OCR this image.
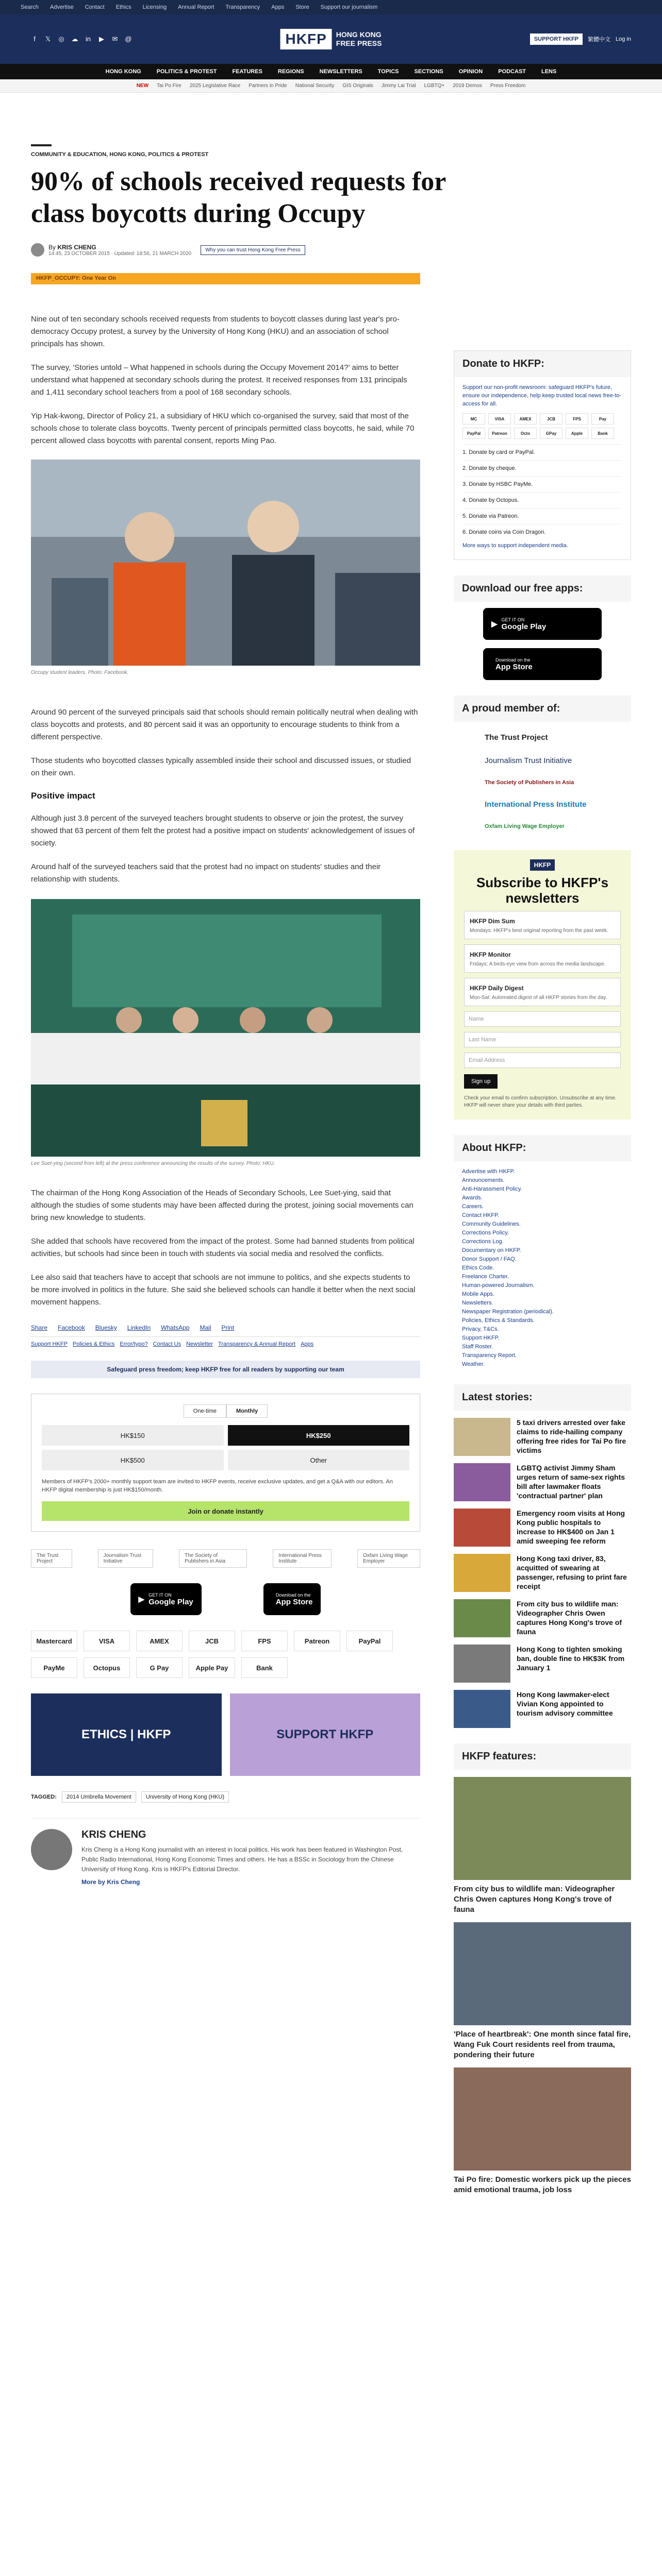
Search Advertise Contact Ethics Licensing Annual Report Transparency Apps Store Support our journalism
f	𝕏 ◎ ☁ in ▶ ✉ @	HKFP	HONG KONG
FREE PRESS	SUPPORT HKFP	繁體中文 Log in
HONG KONG	POLITICS & PROTEST	FEATURES	REGIONS	NEWSLETTERS	TOPICS	SECTIONS	OPINION	PODCAST	LENS
NEW Tai Po Fire 2025 Legislative Race Partners in Pride National Security GIS Originals Jimmy Lai Trial LGBTQ+ 2019 Demos Press Freedom
COMMUNITY & EDUCATION, HONG KONG, POLITICS & PROTEST
90% of schools received requests for class boycotts during Occupy
By KRIS CHENG
14:45, 23 OCTOBER 2015 · Updated: 18:56, 21 MARCH 2020
Why you can trust Hong Kong Free Press
HKFP_OCCUPY: One Year On

Nine out of ten secondary schools received requests from students to boycott classes during last year's pro-democracy Occupy protest, a survey by the University of Hong Kong (HKU) and an association of school principals has shown.

The survey, 'Stories untold – What happened in schools during the Occupy Movement 2014?' aims to better understand what happened at secondary schools during the protest. It received responses from 131 principals and 1,411 secondary school teachers from a pool of 168 secondary schools.

Yip Hak-kwong, Director of Policy 21, a subsidiary of HKU which co-organised the survey, said that most of the schools chose to tolerate class boycotts. Twenty percent of principals permitted class boycotts, he said, while 70 percent allowed class boycotts with parental consent, reports Ming Pao.

Occupy student leaders. Photo: Facebook.

Around 90 percent of the surveyed principals said that schools should remain politically neutral when dealing with class boycotts and protests, and 80 percent said it was an opportunity to encourage students to think from a different perspective.

Those students who boycotted classes typically assembled inside their school and discussed issues, or studied on their own.

Positive impact

Although just 3.8 percent of the surveyed teachers brought students to observe or join the protest, the survey showed that 63 percent of them felt the protest had a positive impact on students' acknowledgement of issues of society.

Around half of the surveyed teachers said that the protest had no impact on students' studies and their relationship with students.

Lee Suet-ying (second from left) at the press conference announcing the results of the survey. Photo: HKU.

The chairman of the Hong Kong Association of the Heads of Secondary Schools, Lee Suet-ying, said that although the studies of some students may have been affected during the protest, joining social movements can bring new knowledge to students.

She added that schools have recovered from the impact of the protest. Some had banned students from political activities, but schools had since been in touch with students via social media and resolved the conflicts.

Lee also said that teachers have to accept that schools are not immune to politics, and she expects students to be more involved in politics in the future. She said she believed schools can handle it better when the next social movement happens.

Share Facebook Bluesky LinkedIn WhatsApp Mail Print
Support HKFP Policies & Ethics Error/typo? Contact Us Newsletter Transparency & Annual Report Apps
Safeguard press freedom; keep HKFP free for all readers by supporting our team
One-time	Monthly
HK$150	HK$250
HK$500	Other
Members of HKFP's 2000+ monthly support team are invited to HKFP events, receive exclusive updates, and get a Q&A with our editors. An HKFP digital membership is just HK$150/month.
Join or donate instantly
The Trust Project
Journalism Trust Initiative
The Society of Publishers in Asia
International Press Institute
Oxfam Living Wage Employer
▶
GET IT ON
Google Play
Download on the
App Store
Mastercard	VISA	AMEX	JCB	FPS	Patreon	PayPal
PayMe	Octopus	G Pay	Apple Pay	Bank
ETHICS | HKFP	SUPPORT HKFP
TAGGED:	2014 Umbrella Movement	University of Hong Kong (HKU)
KRIS CHENG
Kris Cheng is a Hong Kong journalist with an interest in local politics. His work has been featured in Washington Post, Public Radio International, Hong Kong Economic Times and others. He has a BSSc in Sociology from the Chinese University of Hong Kong. Kris is HKFP's Editorial Director.
More by Kris Cheng
Donate to HKFP:
Support our non-profit newsroom: safeguard HKFP's future, ensure our independence, help keep trusted local news free-to-access for all.
MC	VISA	AMEX	JCB	FPS	Pay
PayPal	Patreon	Octo	GPay	Apple	Bank
1. Donate by card or PayPal.
2. Donate by cheque.
3. Donate by HSBC PayMe.
4. Donate by Octopus.
5. Donate via Patreon.
6. Donate coins via Coin Dragon.
More ways to support independent media.
Download our free apps:
▶
GET IT ON
Google Play
Download on the
App Store
A proud member of:
The Trust Project
Journalism Trust Initiative
The Society of Publishers in Asia
International Press Institute
Oxfam Living Wage Employer
HKFP
Subscribe to HKFP's newsletters
HKFP Dim Sum

Mondays: HKFP's best original reporting from the past week.

HKFP Monitor

Fridays: A birds-eye view from across the media landscape.

HKFP Daily Digest

Mon-Sat: Automated digest of all HKFP stories from the day.

Name
Last Name
Email Address
Sign up
Check your email to confirm subscription. Unsubscribe at any time. HKFP will never share your details with third parties.
About HKFP:
Advertise with HKFP.
Announcements.
Anti-Harassment Policy.
Awards.
Careers.
Contact HKFP.
Community Guidelines.
Corrections Policy.
Corrections Log.
Documentary on HKFP.
Donor Support / FAQ.
Ethics Code.
Freelance Charter.
Human-powered Journalism.
Mobile Apps.
Newsletters.
Newspaper Registration (periodical).
Policies, Ethics & Standards.
Privacy, T&Cs.
Support HKFP.
Staff Roster.
Transparency Report.
Weather.
Latest stories:

5 taxi drivers arrested over fake claims to ride-hailing company offering free rides for Tai Po fire victims

LGBTQ activist Jimmy Sham urges return of same-sex rights bill after lawmaker floats 'contractual partner' plan

Emergency room visits at Hong Kong public hospitals to increase to HK$400 on Jan 1 amid sweeping fee reform

Hong Kong taxi driver, 83, acquitted of swearing at passenger, refusing to print fare receipt

From city bus to wildlife man: Videographer Chris Owen captures Hong Kong's trove of fauna

Hong Kong to tighten smoking ban, double fine to HK$3K from January 1

Hong Kong lawmaker-elect Vivian Kong appointed to tourism advisory committee

HKFP features:

From city bus to wildlife man: Videographer Chris Owen captures Hong Kong's trove of fauna

'Place of heartbreak': One month since fatal fire, Wang Fuk Court residents reel from trauma, pondering their future

Tai Po fire: Domestic workers pick up the pieces amid emotional trauma, job loss
